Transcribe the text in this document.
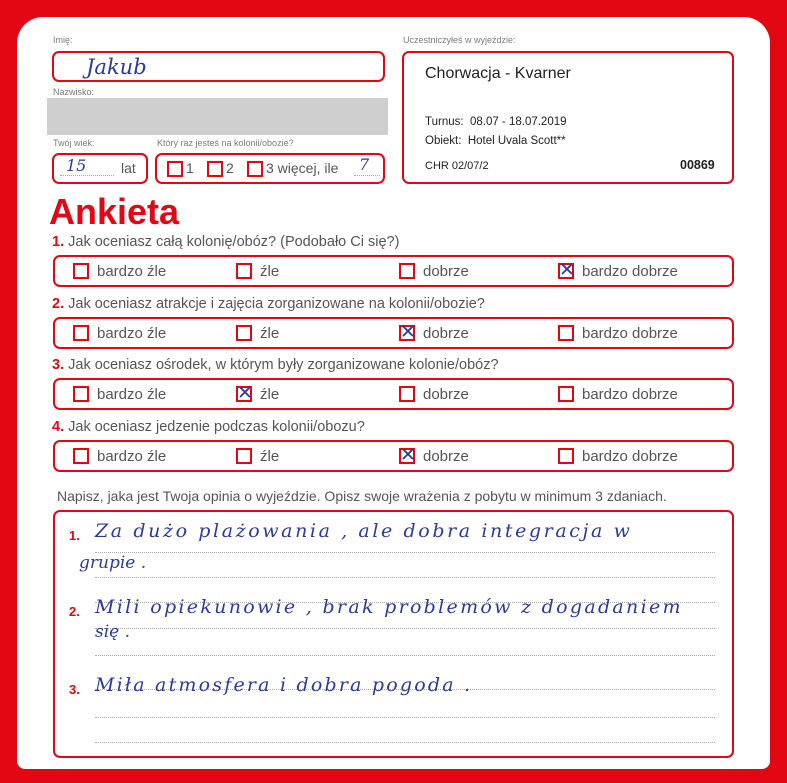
Imię:
Jakub
Nazwisko:
Twój wiek:
15 lat
Który raz jesteś na kolonii/obozie?
1 2 3 więcej, ile 7
Uczestniczyłeś w wyjeździe:
Chorwacja - Kvarner
Turnus: 08.07 - 18.07.2019
Obiekt: Hotel Uvala Scott**
CHR 02/07/2	00869
Ankieta
1. Jak oceniasz całą kolonię/obóz? (Podobało Ci się?)
bardzo źle	źle	dobrze	✕ bardzo dobrze
2. Jak oceniasz atrakcje i zajęcia zorganizowane na kolonii/obozie?
bardzo źle	źle	✕ dobrze	bardzo dobrze
3. Jak oceniasz ośrodek, w którym były zorganizowane kolonie/obóz?
bardzo źle	✕ źle	dobrze	bardzo dobrze
4. Jak oceniasz jedzenie podczas kolonii/obozu?
bardzo źle	źle	✕ dobrze	bardzo dobrze
Napisz, jaka jest Twoja opinia o wyjeździe. Opisz swoje wrażenia z pobytu w minimum 3 zdaniach.
1. Za dużo plażowania , ale dobra integracja w
grupie .
2. Mili opiekunowie , brak problemów z dogadaniem
się .
3. Miła atmosfera i dobra pogoda .
